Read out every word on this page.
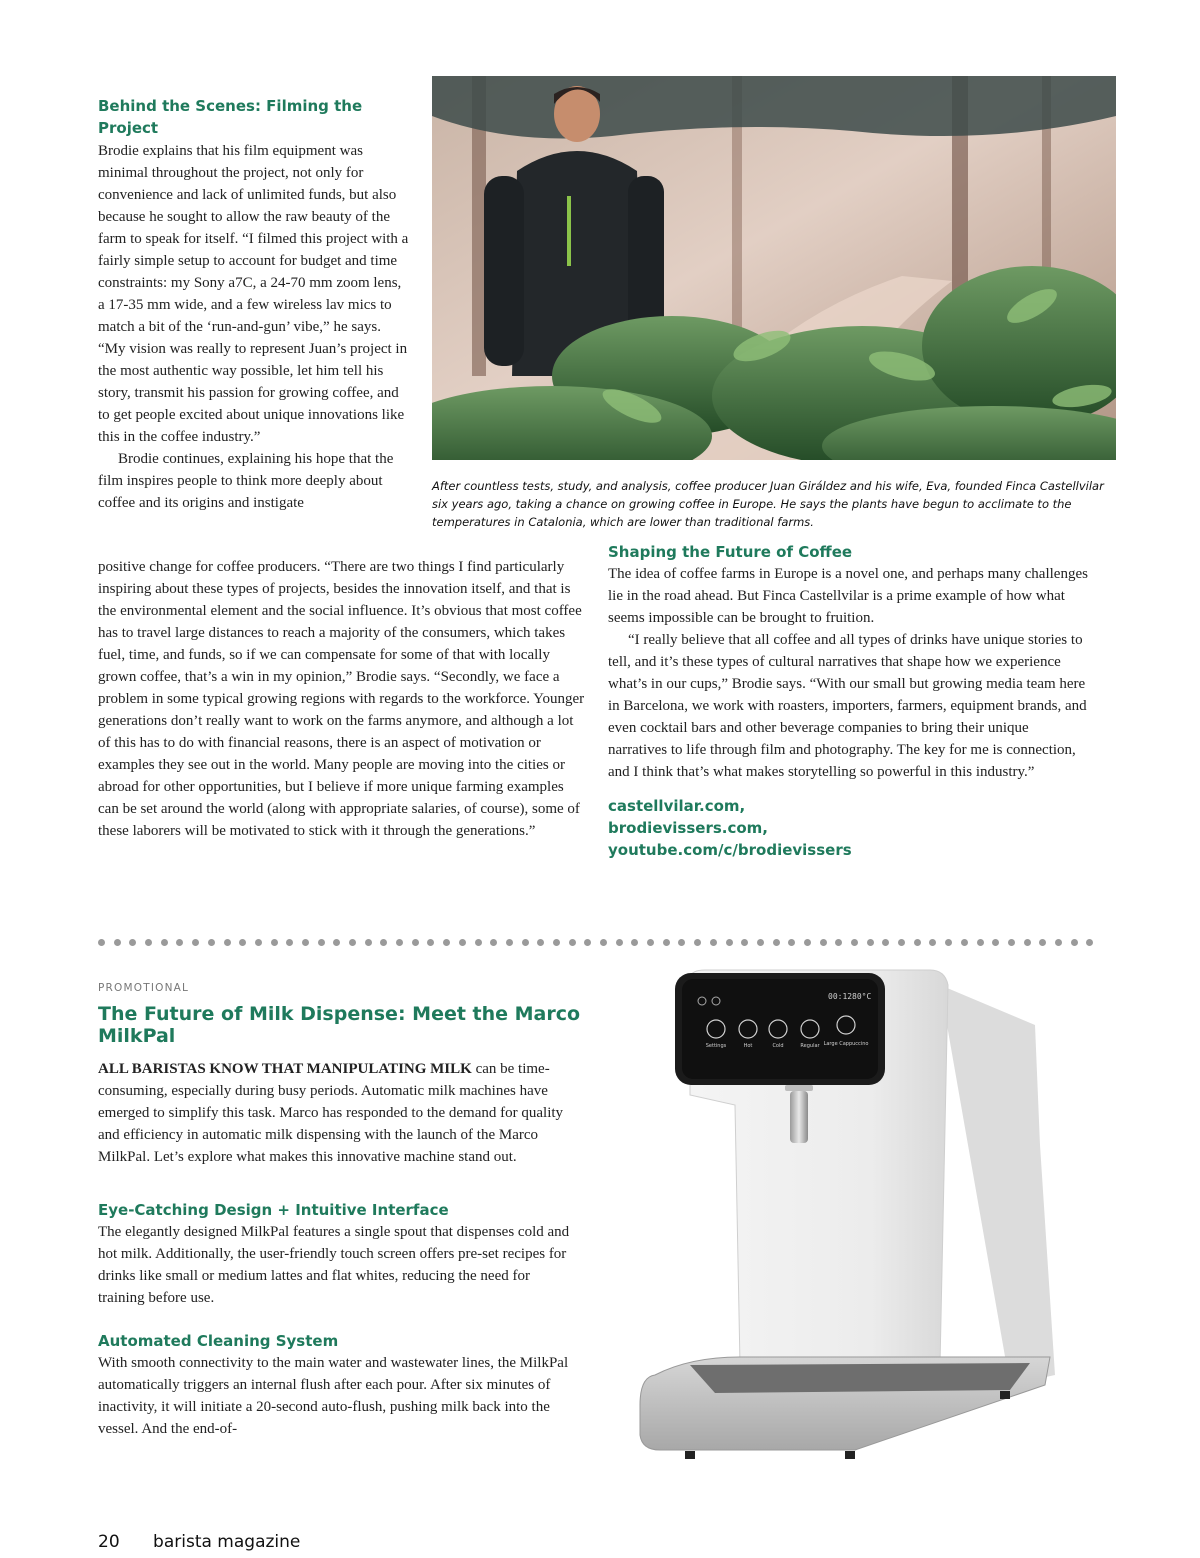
Behind the Scenes: Filming the Project

Brodie explains that his film equipment was minimal throughout the project, not only for convenience and lack of unlimited funds, but also because he sought to allow the raw beauty of the farm to speak for itself. “I filmed this project with a fairly simple setup to account for budget and time constraints: my Sony a7C, a 24-70 mm zoom lens, a 17-35 mm wide, and a few wireless lav mics to match a bit of the ‘run-and-gun’ vibe,” he says. “My vision was really to represent Juan’s project in the most authentic way possible, let him tell his story, transmit his passion for growing coffee, and to get people excited about unique innovations like this in the coffee industry.”

Brodie continues, explaining his hope that the film inspires people to think more deeply about coffee and its origins and instigate

positive change for coffee producers. “There are two things I find particularly inspiring about these types of projects, besides the innovation itself, and that is the environmental element and the social influence. It’s obvious that most coffee has to travel large distances to reach a majority of the consumers, which takes fuel, time, and funds, so if we can compensate for some of that with locally grown coffee, that’s a win in my opinion,” Brodie says. “Secondly, we face a problem in some typical growing regions with regards to the workforce. Younger generations don’t really want to work on the farms anymore, and although a lot of this has to do with financial reasons, there is an aspect of motivation or examples they see out in the world. Many people are moving into the cities or abroad for other opportunities, but I believe if more unique farming examples can be set around the world (along with appropriate salaries, of course), some of these laborers will be motivated to stick with it through the generations.”

After countless tests, study, and analysis, coffee producer Juan Giráldez and his wife, Eva, founded Finca Castellvilar six years ago, taking a chance on growing coffee in Europe. He says the plants have begun to acclimate to the temperatures in Catalonia, which are lower than traditional farms.

Shaping the Future of Coffee

The idea of coffee farms in Europe is a novel one, and perhaps many challenges lie in the road ahead. But Finca Castellvilar is a prime example of how what seems impossible can be brought to fruition.

“I really believe that all coffee and all types of drinks have unique stories to tell, and it’s these types of cultural narratives that shape how we experience what’s in our cups,” Brodie says. “With our small but growing media team here in Barcelona, we work with roasters, importers, farmers, equipment brands, and even cocktail bars and other beverage companies to bring their unique narratives to life through film and photography. The key for me is connection, and I think that’s what makes storytelling so powerful in this industry.”

castellvilar.com, brodievissers.com, youtube.com/c/brodievissers

PROMOTIONAL

The Future of Milk Dispense: Meet the Marco MilkPal

ALL BARISTAS KNOW THAT MANIPULATING MILK can be time-consuming, especially during busy periods. Automatic milk machines have emerged to simplify this task. Marco has responded to the demand for quality and efficiency in automatic milk dispensing with the launch of the Marco MilkPal. Let’s explore what makes this innovative machine stand out.

Eye-Catching Design + Intuitive Interface

The elegantly designed MilkPal features a single spout that dispenses cold and hot milk. Additionally, the user-friendly touch screen offers pre-set recipes for drinks like small or medium lattes and flat whites, reducing the need for training before use.

Automated Cleaning System

With smooth connectivity to the main water and wastewater lines, the MilkPal automatically triggers an internal flush after each pour. After six minutes of inactivity, it will initiate a 20-second auto-flush, pushing milk back into the vessel. And the end-of-

00:12 80°C
Settings	Hot	Cold	Regular Large Cappuccino
20 barista magazine
